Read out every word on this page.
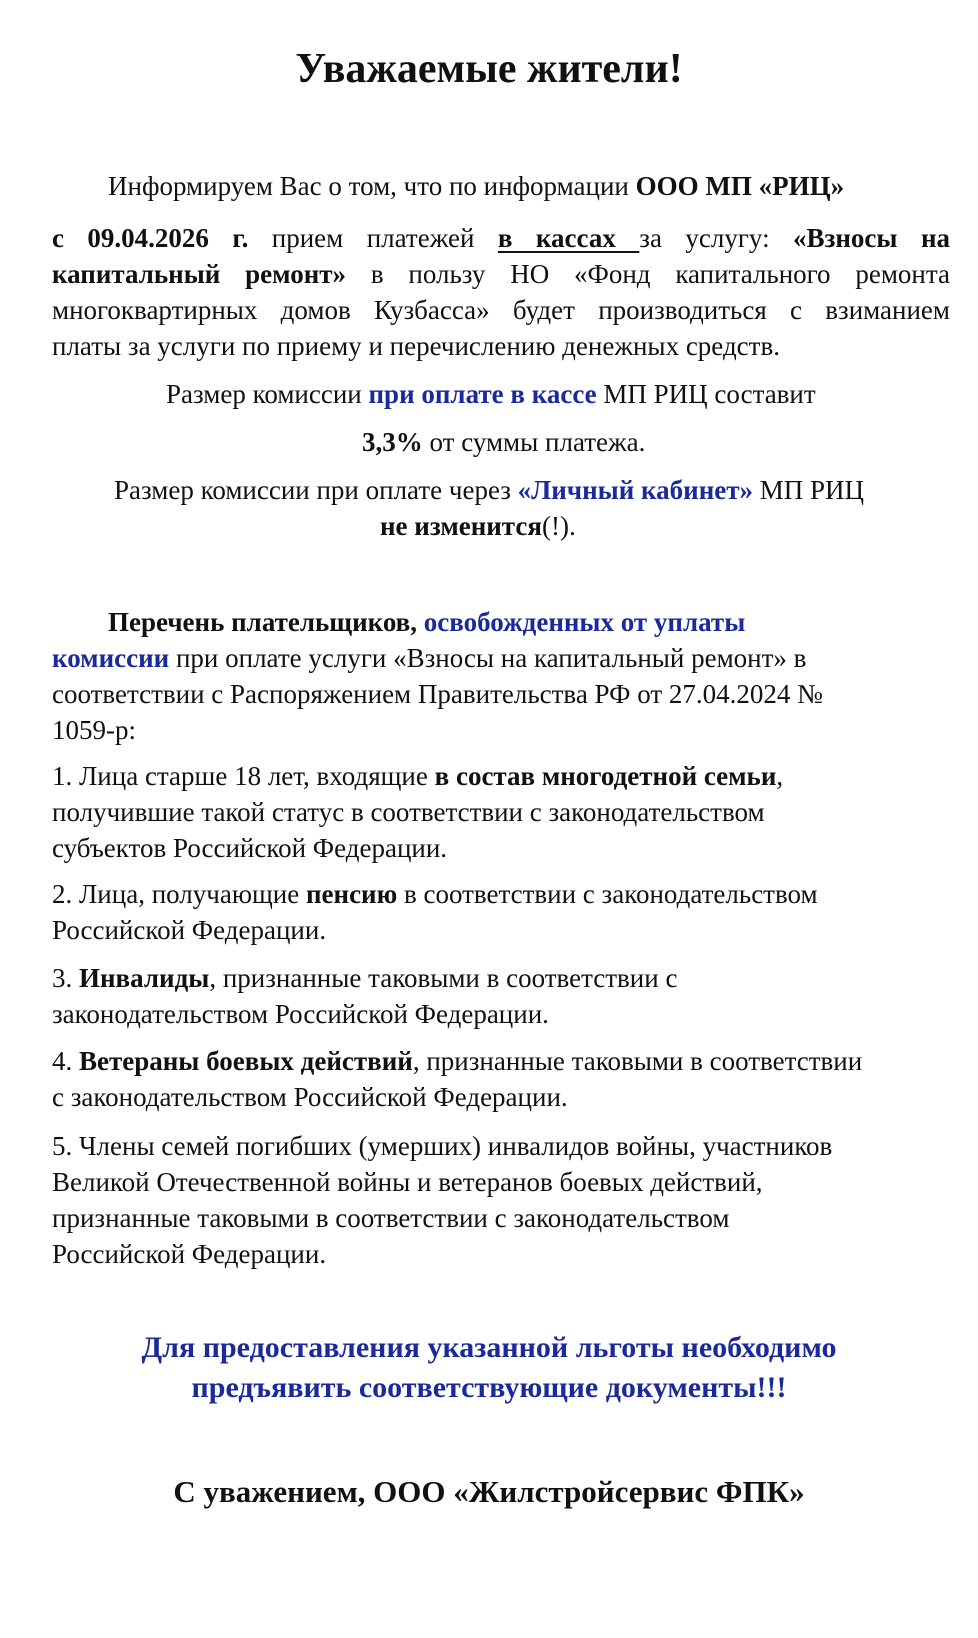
Уважаемые жители!
Информируем Вас о том, что по информации ООО МП «РИЦ»
с 09.04.2026 г. прием платежей в кассах за услугу: «Взносы на
капитальный ремонт» в пользу НО «Фонд капитального ремонта
многоквартирных домов Кузбасса» будет производиться с взиманием
платы за услуги по приему и перечислению денежных средств.
Размер комиссии при оплате в кассе МП РИЦ составит
3,3% от суммы платежа.
Размер комиссии при оплате через «Личный кабинет» МП РИЦ
не изменится(!).
Перечень плательщиков, освобожденных от уплаты
комиссии при оплате услуги «Взносы на капитальный ремонт» в
соответствии с Распоряжением Правительства РФ от 27.04.2024 №
1059-р:
1. Лица старше 18 лет, входящие в состав многодетной семьи,
получившие такой статус в соответствии с законодательством
субъектов Российской Федерации.
2. Лица, получающие пенсию в соответствии с законодательством
Российской Федерации.
3. Инвалиды, признанные таковыми в соответствии с
законодательством Российской Федерации.
4. Ветераны боевых действий, признанные таковыми в соответствии
с законодательством Российской Федерации.
5. Члены семей погибших (умерших) инвалидов войны, участников
Великой Отечественной войны и ветеранов боевых действий,
признанные таковыми в соответствии с законодательством
Российской Федерации.
Для предоставления указанной льготы необходимо
предъявить соответствующие документы!!!
С уважением, ООО «Жилстройсервис ФПК»
